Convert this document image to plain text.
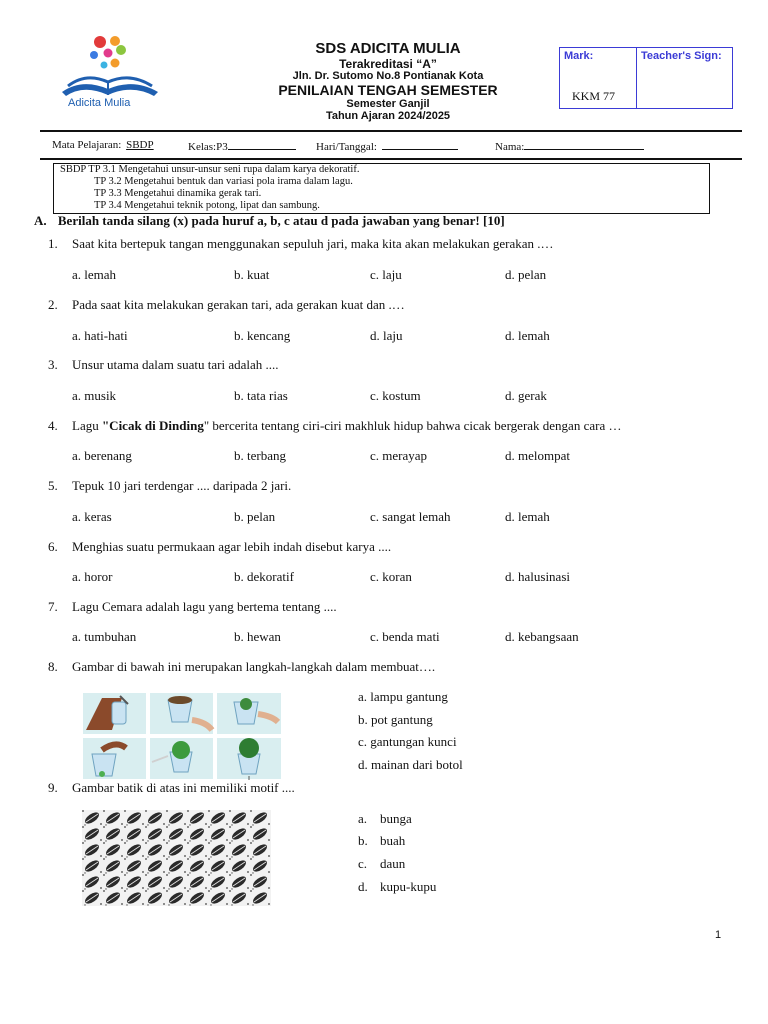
Adicita Mulia
SDS ADICITA MULIA
Terakreditasi “A”
Jln. Dr. Sutomo No.8 Pontianak Kota
PENILAIAN TENGAH SEMESTER
Semester Ganjil
Tahun Ajaran 2024/2025
Mark:	Teacher's Sign:
KKM 77
Mata Pelajaran: SBDP	Kelas:P3	Hari/Tanggal:	Nama:
SBDP TP 3.1 Mengetahui unsur-unsur seni rupa dalam karya dekoratif.
TP 3.2 Mengetahui bentuk dan variasi pola irama dalam lagu.
TP 3.3 Mengetahui dinamika gerak tari.
TP 3.4 Mengetahui teknik potong, lipat dan sambung.
A. Berilah tanda silang (x) pada huruf a, b, c atau d pada jawaban yang benar! [10]
1. Saat kita bertepuk tangan menggunakan sepuluh jari, maka kita akan melakukan gerakan .…
a. lemah	b. kuat	c. laju	d. pelan
2. Pada saat kita melakukan gerakan tari, ada gerakan kuat dan .…
a. hati-hati	b. kencang	d. laju	d. lemah
3. Unsur utama dalam suatu tari adalah ....
a. musik	b. tata rias	c. kostum	d. gerak
4. Lagu "Cicak di Dinding" bercerita tentang ciri-ciri makhluk hidup bahwa cicak bergerak dengan cara …
a. berenang	b. terbang	c. merayap	d. melompat
5. Tepuk 10 jari terdengar .... daripada 2 jari.
a. keras	b. pelan	c. sangat lemah	d. lemah
6. Menghias suatu permukaan agar lebih indah disebut karya ....
a. horor	b. dekoratif	c. koran	d. halusinasi
7. Lagu Cemara adalah lagu yang bertema tentang ....
a. tumbuhan	b. hewan	c. benda mati	d. kebangsaan
8. Gambar di bawah ini merupakan langkah-langkah dalam membuat….
a. lampu gantung
b. pot gantung
c. gantungan kunci
d. mainan dari botol
9. Gambar batik di atas ini memiliki motif ....
a. bunga
b. buah
c. daun
d. kupu-kupu
1
